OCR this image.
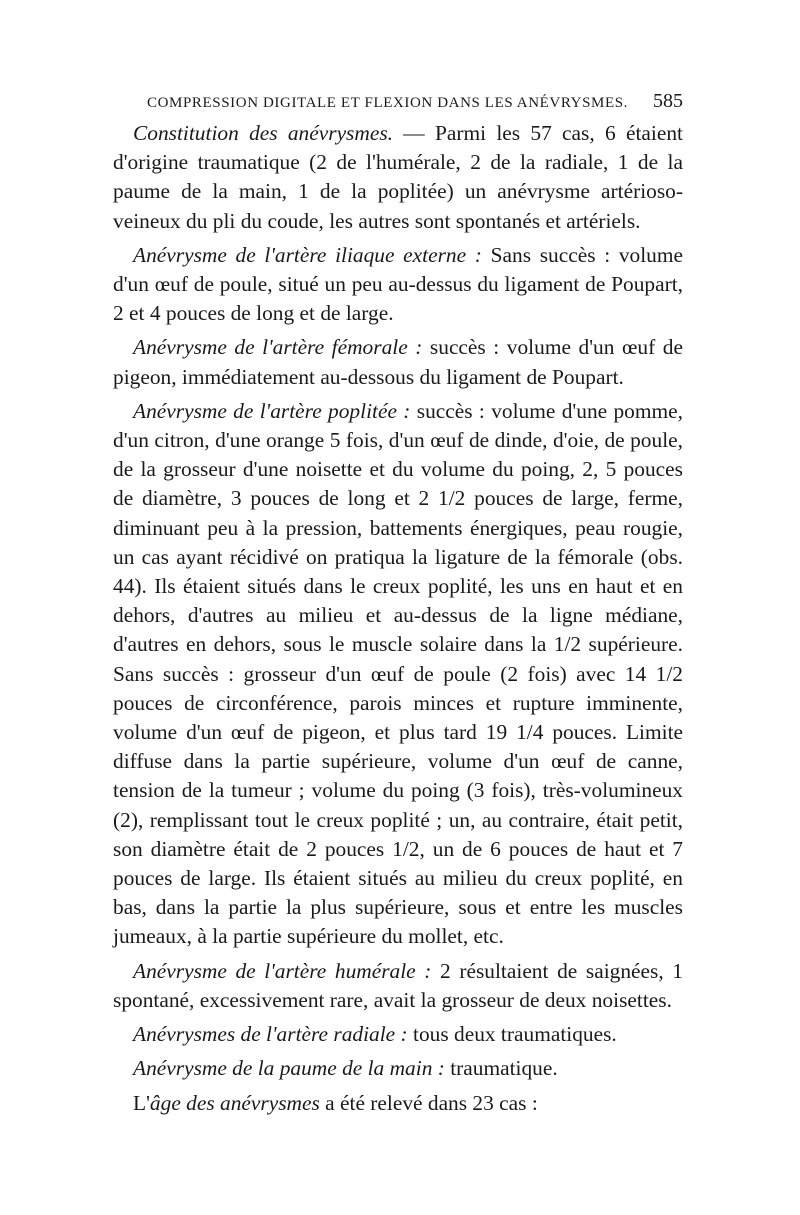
COMPRESSION DIGITALE ET FLEXION DANS LES ANÉVRYSMES. 585

Constitution des anévrysmes. — Parmi les 57 cas, 6 étaient d'origine traumatique (2 de l'humérale, 2 de la radiale, 1 de la paume de la main, 1 de la poplitée) un anévrysme artérioso-veineux du pli du coude, les autres sont spontanés et artériels.

Anévrysme de l'artère iliaque externe : Sans succès : volume d'un œuf de poule, situé un peu au-dessus du ligament de Poupart, 2 et 4 pouces de long et de large.

Anévrysme de l'artère fémorale : succès : volume d'un œuf de pigeon, immédiatement au-dessous du ligament de Poupart.

Anévrysme de l'artère poplitée : succès : volume d'une pomme, d'un citron, d'une orange 5 fois, d'un œuf de dinde, d'oie, de poule, de la grosseur d'une noisette et du volume du poing, 2, 5 pouces de diamètre, 3 pouces de long et 2 1/2 pouces de large, ferme, diminuant peu à la pression, battements énergiques, peau rougie, un cas ayant récidivé on pratiqua la ligature de la fémorale (obs. 44). Ils étaient situés dans le creux poplité, les uns en haut et en dehors, d'autres au milieu et au-dessus de la ligne médiane, d'autres en dehors, sous le muscle solaire dans la 1/2 supérieure. Sans succès : grosseur d'un œuf de poule (2 fois) avec 14 1/2 pouces de circonférence, parois minces et rupture imminente, volume d'un œuf de pigeon, et plus tard 19 1/4 pouces. Limite diffuse dans la partie supérieure, volume d'un œuf de canne, tension de la tumeur ; volume du poing (3 fois), très-volumineux (2), remplissant tout le creux poplité ; un, au contraire, était petit, son diamètre était de 2 pouces 1/2, un de 6 pouces de haut et 7 pouces de large. Ils étaient situés au milieu du creux poplité, en bas, dans la partie la plus supérieure, sous et entre les muscles jumeaux, à la partie supérieure du mollet, etc.

Anévrysme de l'artère humérale : 2 résultaient de saignées, 1 spontané, excessivement rare, avait la grosseur de deux noisettes.

Anévrysmes de l'artère radiale : tous deux traumatiques.

Anévrysme de la paume de la main : traumatique.

L'âge des anévrysmes a été relevé dans 23 cas :
